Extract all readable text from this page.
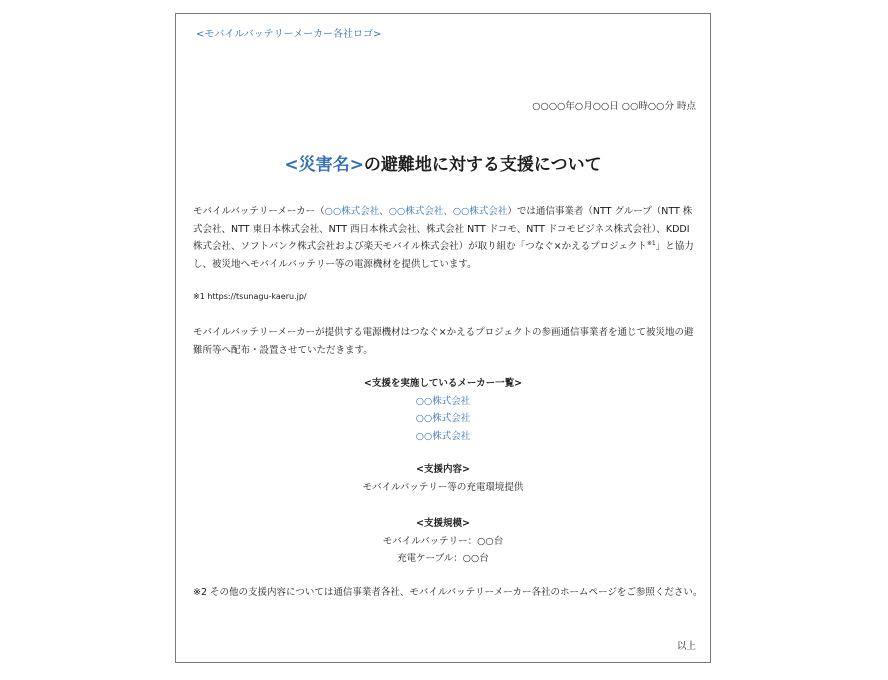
<モバイルバッテリーメーカー各社ロゴ>
○○○○年○月○○日 ○○時○○分 時点
<災害名>の避難地に対する支援について
モバイルバッテリーメーカー（○○株式会社、○○株式会社、○○株式会社）では通信事業者（NTT グループ（NTT 株式会社、NTT 東日本株式会社、NTT 西日本株式会社、株式会社 NTT ドコモ、NTT ドコモビジネス株式会社）、KDDI 株式会社、ソフトバンク株式会社および楽天モバイル株式会社）が取り組む「つなぐ×かえるプロジェクト$^{※1}$」と協力し、被災地へモバイルバッテリー等の電源機材を提供しています。
※1 https://tsunagu-kaeru.jp/
モバイルバッテリーメーカーが提供する電源機材はつなぐ×かえるプロジェクトの参画通信事業者を通じて被災地の避難所等へ配布・設置させていただきます。
<支援を実施しているメーカー一覧>
○○株式会社
○○株式会社
○○株式会社
<支援内容>
モバイルバッテリー等の充電環境提供
<支援規模>
モバイルバッテリー：○○台
充電ケーブル：○○台
※2 その他の支援内容については通信事業者各社、モバイルバッテリーメーカー各社のホームページをご参照ください。
以上
